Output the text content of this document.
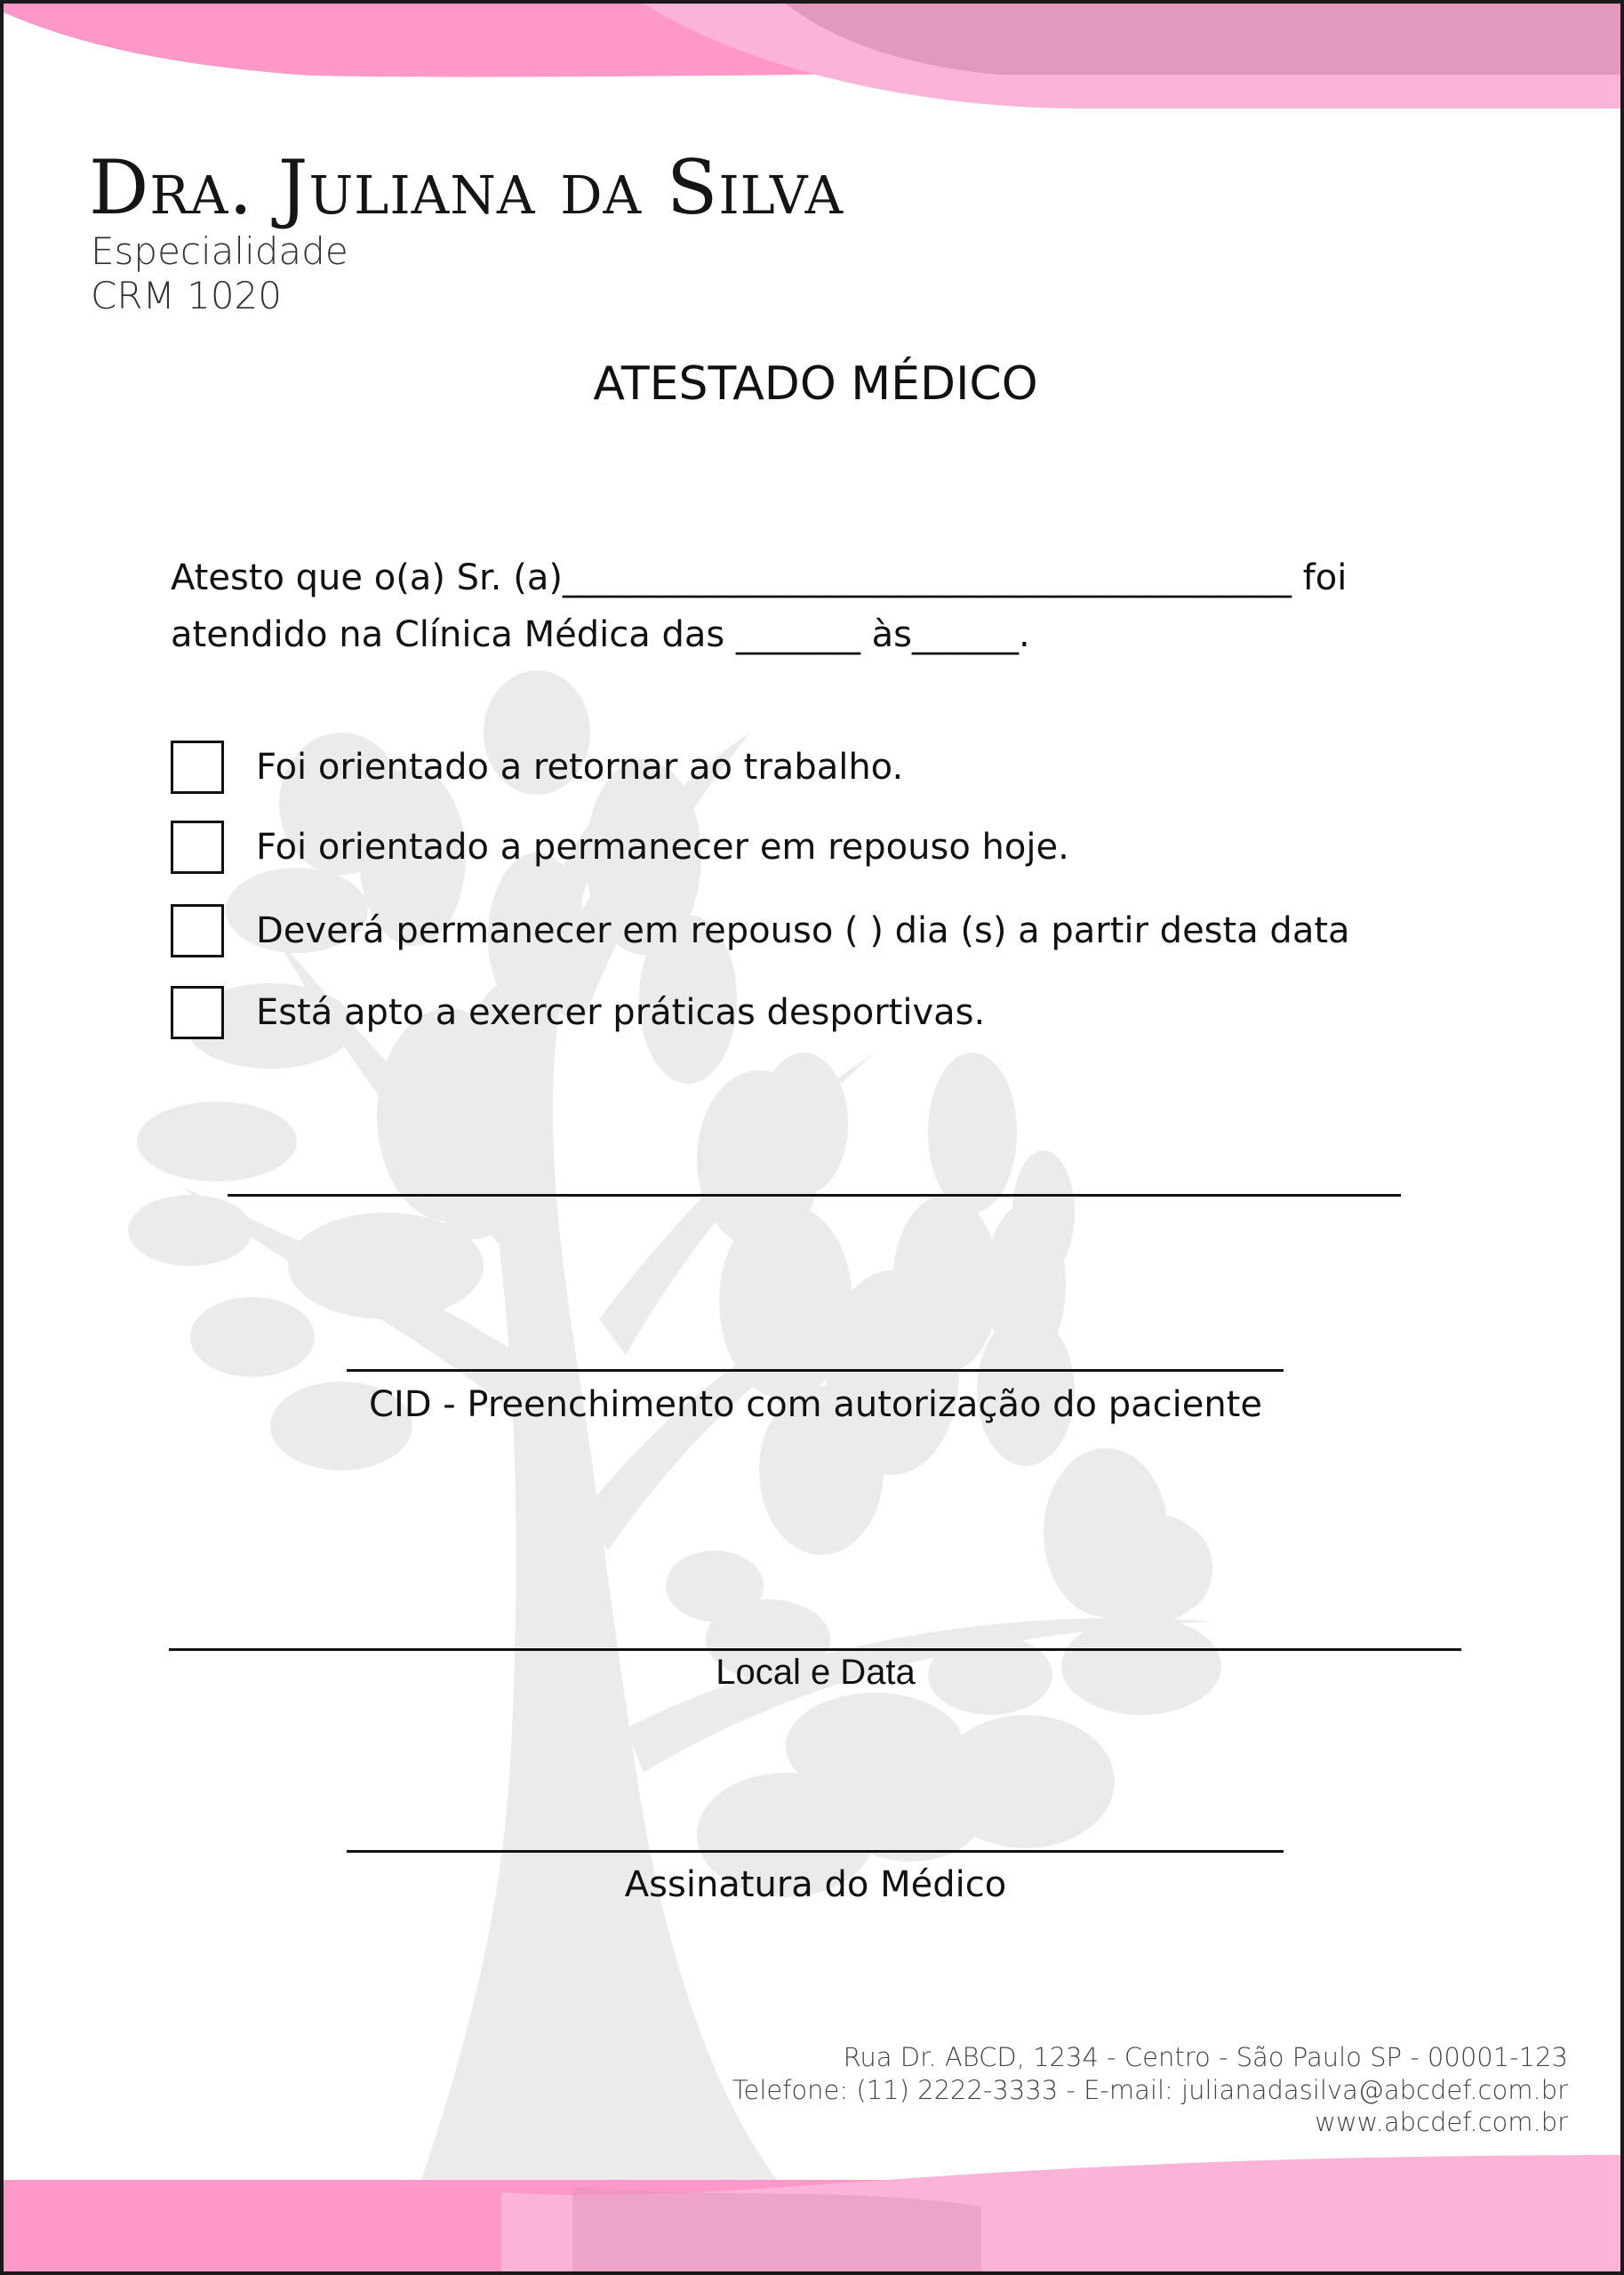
Dra. Juliana da Silva
Especialidade
CRM 1020
ATESTADO MÉDICO
Atesto que o(a) Sr. (a)_________________________________________ foi
atendido na Clínica Médica das _______ às______.
Foi orientado a retornar ao trabalho.
Foi orientado a permanecer em repouso hoje.
Deverá permanecer em repouso ( ) dia (s) a partir desta data
Está apto a exercer práticas desportivas.
CID - Preenchimento com autorização do paciente
Local e Data
Assinatura do Médico
Rua Dr. ABCD, 1234 - Centro - São Paulo SP - 00001-123
Telefone: (11) 2222-3333 - E-mail: julianadasilva@abcdef.com.br
www.abcdef.com.br
